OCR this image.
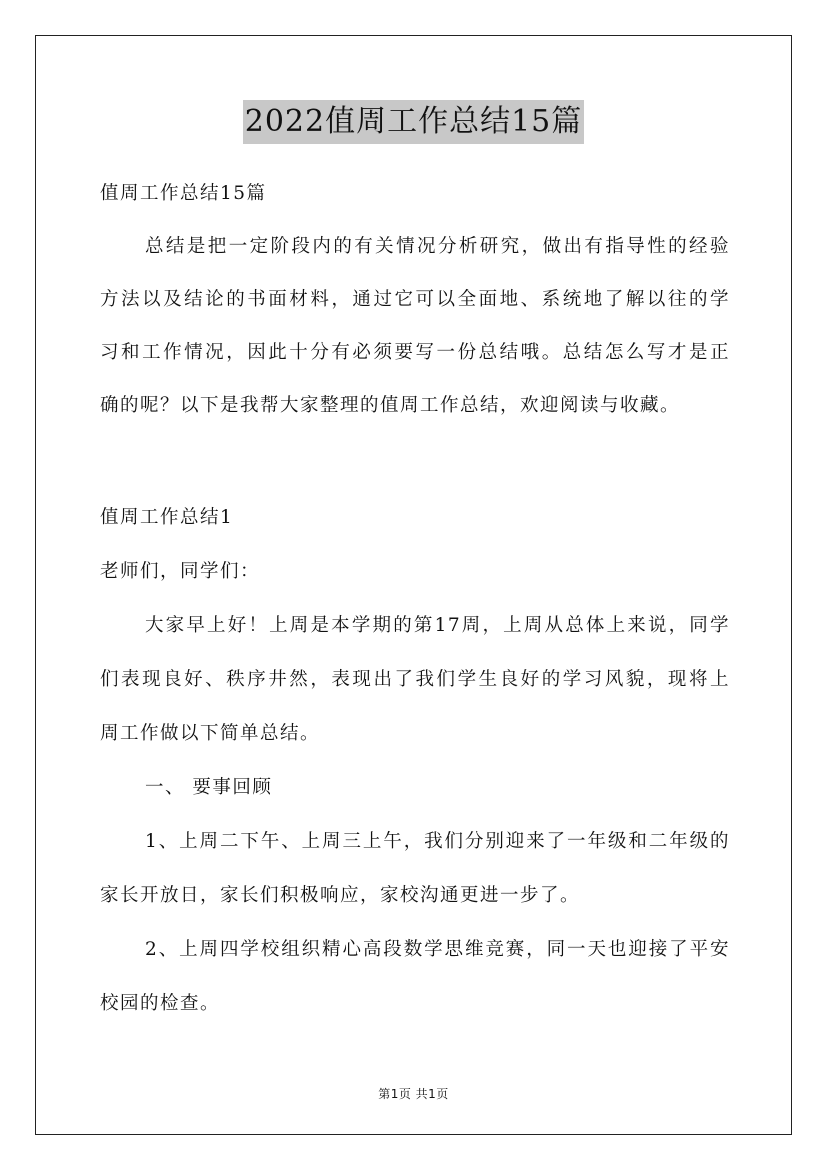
2022值周工作总结15篇
值周工作总结15篇
总结是把一定阶段内的有关情况分析研究，做出有指导性的经验
方法以及结论的书面材料，通过它可以全面地、系统地了解以往的学
习和工作情况，因此十分有必须要写一份总结哦。总结怎么写才是正
确的呢？以下是我帮大家整理的值周工作总结，欢迎阅读与收藏。
值周工作总结1
老师们，同学们：
大家早上好！上周是本学期的第17周，上周从总体上来说，同学
们表现良好、秩序井然，表现出了我们学生良好的学习风貌，现将上
周工作做以下简单总结。
一、 要事回顾
1、上周二下午、上周三上午，我们分别迎来了一年级和二年级的
家长开放日，家长们积极响应，家校沟通更进一步了。
2、上周四学校组织精心高段数学思维竞赛，同一天也迎接了平安
校园的检查。
第1页 共1页
